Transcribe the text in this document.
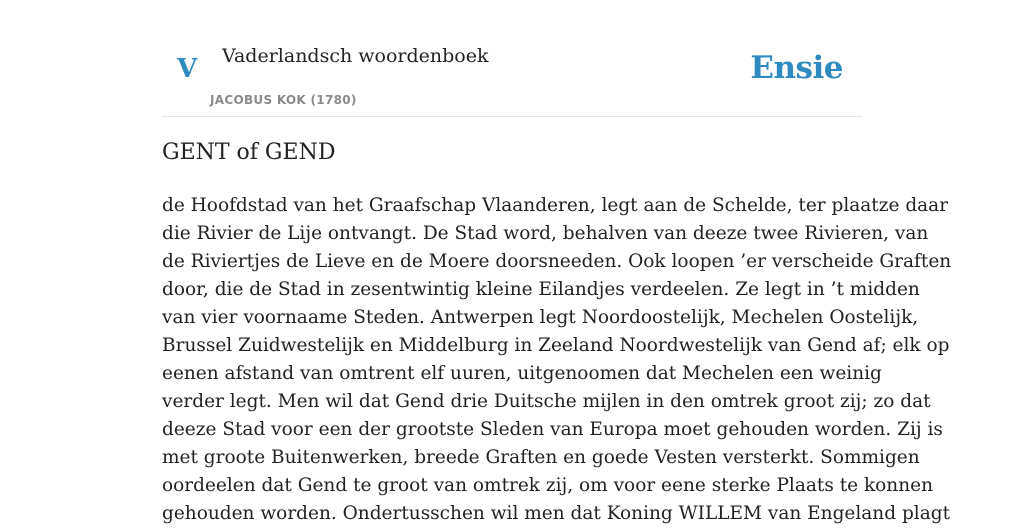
V Vaderlandsch woordenboek
JACOBUS KOK (1780)
Ensie
GENT of GEND

de Hoofdstad van het Graafschap Vlaanderen, legt aan de Schelde, ter plaatze daar
die Rivier de Lije ontvangt. De Stad word, behalven van deeze twee Rivieren, van
de Riviertjes de Lieve en de Moere doorsneeden. Ook loopen ’er verscheide Graften
door, die de Stad in zesentwintig kleine Eilandjes verdeelen. Ze legt in ’t midden
van vier voornaame Steden. Antwerpen legt Noordoostelijk, Mechelen Oostelijk,
Brussel Zuidwestelijk en Middelburg in Zeeland Noordwestelijk van Gend af; elk op
eenen afstand van omtrent elf uuren, uitgenoomen dat Mechelen een weinig
verder legt. Men wil dat Gend drie Duitsche mijlen in den omtrek groot zij; zo dat
deeze Stad voor een der grootste Sleden van Europa moet gehouden worden. Zij is
met groote Buitenwerken, breede Graften en goede Vesten versterkt. Sommigen
oordeelen dat Gend te groot van omtrek zij, om voor eene sterke Plaats te konnen
gehouden worden. Ondertusschen wil men dat Koning WILLEM van Engeland plagt
